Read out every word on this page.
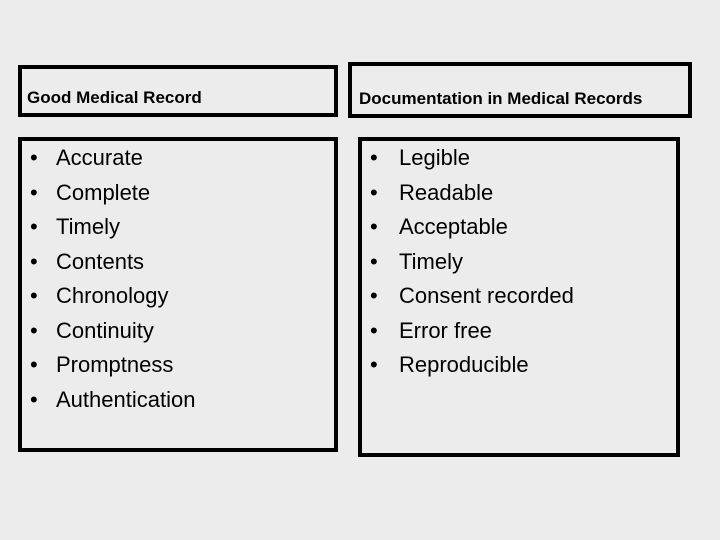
Good Medical Record	Documentation in Medical Records
• Accurate
• Complete
• Timely
• Contents
• Chronology
• Continuity
• Promptness
• Authentication
• Legible
• Readable
• Acceptable
• Timely
• Consent recorded
• Error free
• Reproducible
